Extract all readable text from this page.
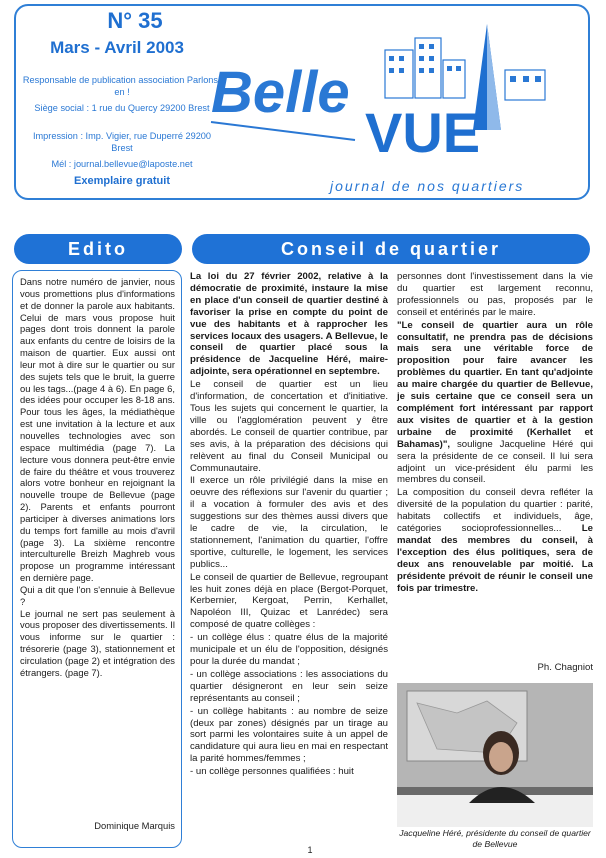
N° 35
Mars - Avril 2003
Responsable de publication association Parlons-en !
Siège social : 1 rue du Quercy 29200 Brest
Impression : Imp. Vigier, rue Duperré 29200 Brest
Mél : journal.bellevue@laposte.net
Exemplaire gratuit
Belle
VUE
journal de nos quartiers
Edito	Conseil de quartier
Dans notre numéro de janvier, nous vous promettions plus d'informations et de donner la parole aux habitants. Celui de mars vous propose huit pages dont trois donnent la parole aux enfants du centre de loisirs de la maison de quartier. Eux aussi ont leur mot à dire sur le quartier ou sur des sujets tels que le bruit, la guerre ou les tags...(page 4 à 6). En page 6, des idées pour occuper les 8-18 ans. Pour tous les âges, la médiathèque est une invitation à la lecture et aux nouvelles technologies avec son espace multimédia (page 7). La lecture vous donnera peut-être envie de faire du théâtre et vous trouverez alors votre bonheur en rejoignant la nouvelle troupe de Bellevue (page 2). Parents et enfants pourront participer à diverses animations lors du temps fort famille au mois d'avril (page 3). La sixième rencontre interculturelle Breizh Maghreb vous propose un programme intéressant en dernière page.
Qui a dit que l'on s'ennuie à Bellevue ?
Le journal ne sert pas seulement à vous proposer des divertissements. Il vous informe sur le quartier : trésorerie (page 3), stationnement et circulation (page 2) et intégration des étrangers. (page 7).
Dominique Marquis

La loi du 27 février 2002, relative à la démocratie de proximité, instaure la mise en place d'un conseil de quartier destiné à favoriser la prise en compte du point de vue des habitants et à rapprocher les services locaux des usagers. A Bellevue, le conseil de quartier placé sous la présidence de Jacqueline Héré, maire-adjointe, sera opérationnel en septembre.

Le conseil de quartier est un lieu d'information, de concertation et d'initiative. Tous les sujets qui concernent le quartier, la ville ou l'agglomération peuvent y être abordés. Le conseil de quartier contribue, par ses avis, à la préparation des décisions qui relèvent au final du Conseil Municipal ou Communautaire.

Il exerce un rôle privilégié dans la mise en oeuvre des réflexions sur l'avenir du quartier ; il a vocation à formuler des avis et des suggestions sur des thèmes aussi divers que le cadre de vie, la circulation, le stationnement, l'animation du quartier, l'offre sportive, culturelle, le logement, les services publics...

Le conseil de quartier de Bellevue, regroupant les huit zones déjà en place (Bergot-Porquet, Kerbernier, Kergoat, Perrin, Kerhallet, Napoléon III, Quizac et Lanrédec) sera composé de quatre collèges :

- un collège élus : quatre élus de la majorité municipale et un élu de l'opposition, désignés pour la durée du mandat ;

- un collège associations : les associations du quartier désigneront en leur sein seize représentants au conseil ;

- un collège habitants : au nombre de seize (deux par zones) désignés par un tirage au sort parmi les volontaires suite à un appel de candidature qui aura lieu en mai en respectant la parité hommes/femmes ;

- un collège personnes qualifiées : huit

personnes dont l'investissement dans la vie du quartier est largement reconnu, professionnels ou pas, proposés par le conseil et entérinés par le maire.

"Le conseil de quartier aura un rôle consultatif, ne prendra pas de décisions mais sera une véritable force de proposition pour faire avancer les problèmes du quartier. En tant qu'adjointe au maire chargée du quartier de Bellevue, je suis certaine que ce conseil sera un complément fort intéressant par rapport aux visites de quartier et à la gestion urbaine de proximité (Kerhallet et Bahamas)", souligne Jacqueline Héré qui sera la présidente de ce conseil. Il lui sera adjoint un vice-président élu parmi les membres du conseil.

La composition du conseil devra refléter la diversité de la population du quartier : parité, habitats collectifs et individuels, âge, catégories socioprofessionnelles... Le mandat des membres du conseil, à l'exception des élus politiques, sera de deux ans renouvelable par moitié. La présidente prévoit de réunir le conseil une fois par trimestre.

Ph. Chagniot
Jacqueline Héré, présidente du conseil de quartier de Bellevue
1
